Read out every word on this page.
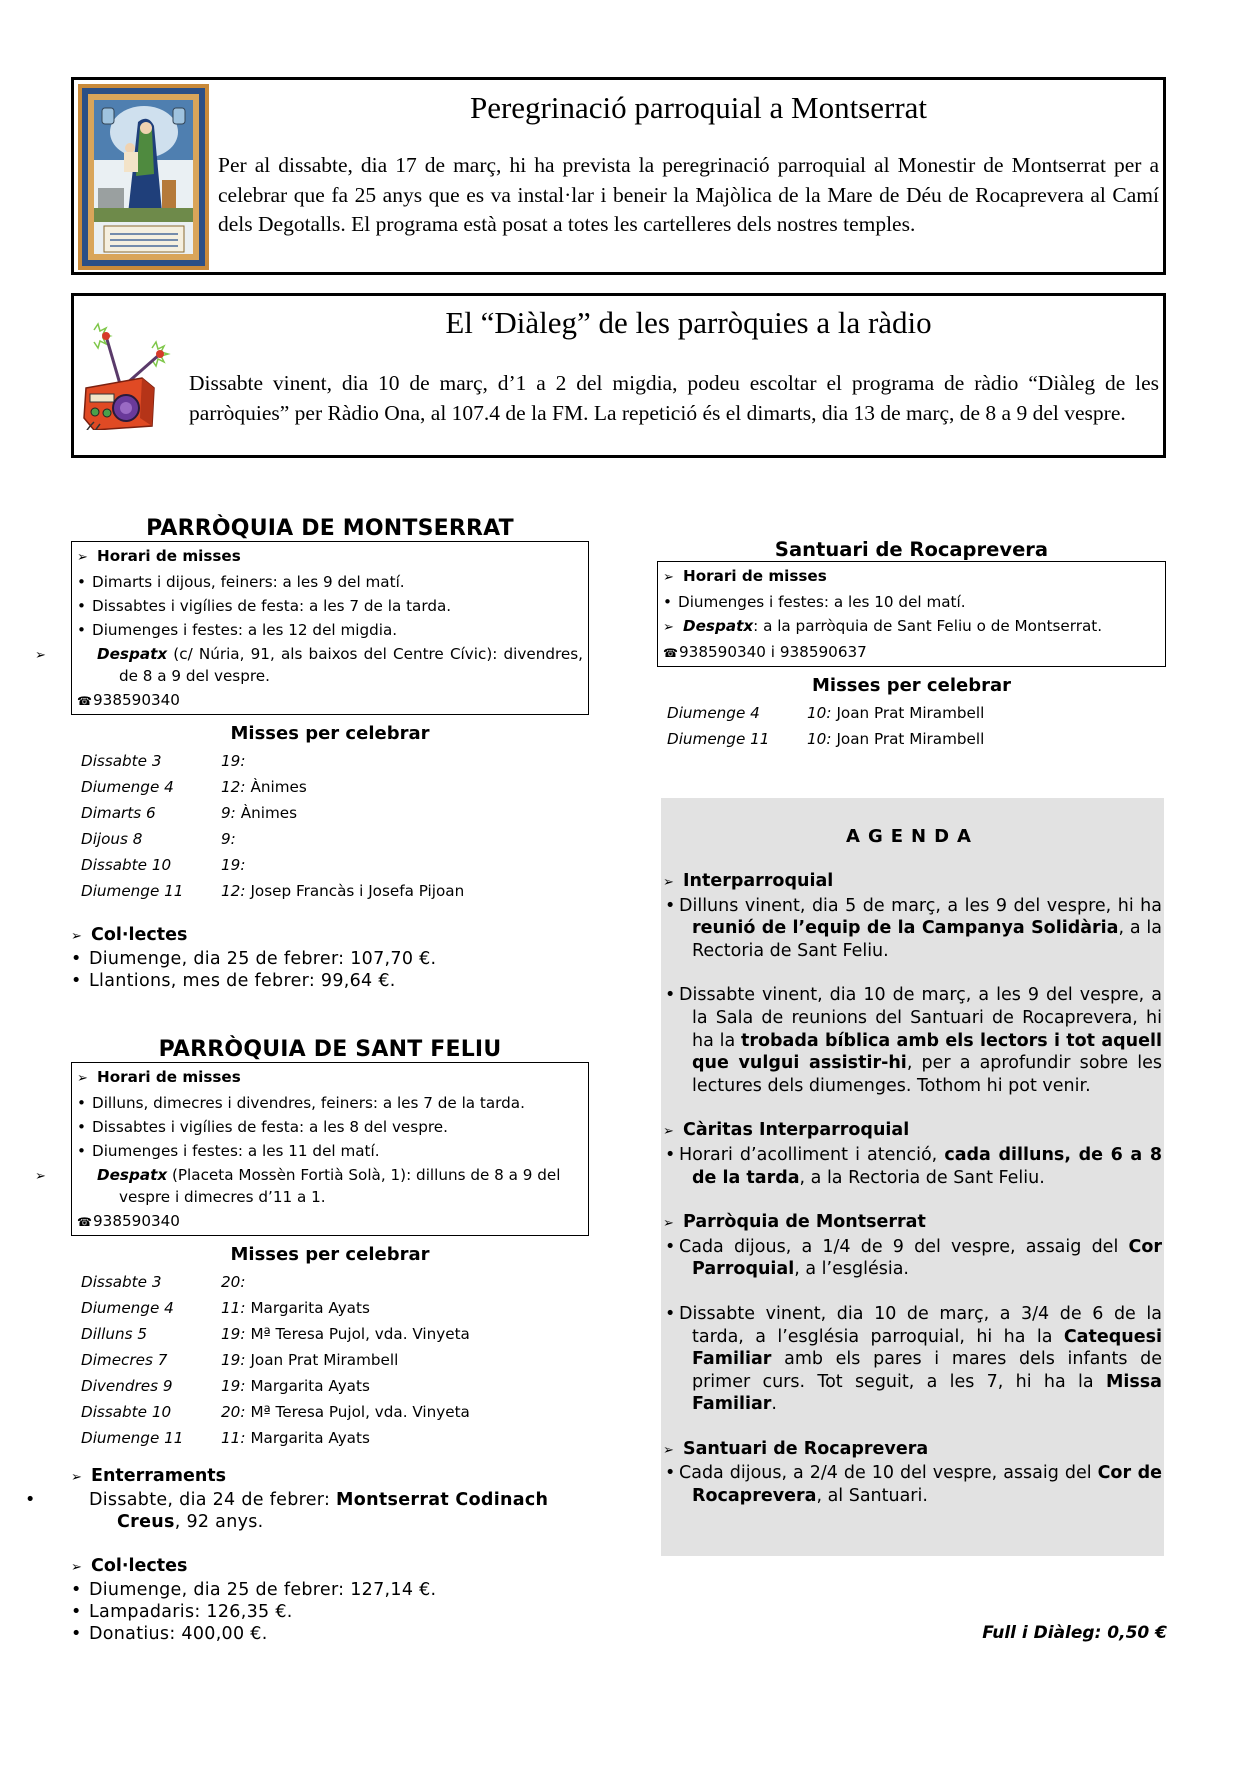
Peregrinació parroquial a Montserrat

Per al dissabte, dia 17 de març, hi ha prevista la peregrinació parroquial al Monestir de Montserrat per a celebrar que fa 25 anys que es va instal·lar i beneir la Majòlica de la Mare de Déu de Rocaprevera al Camí dels Degotalls. El programa està posat a totes les cartelleres dels nostres temples.

El “Diàleg” de les parròquies a la ràdio

Dissabte vinent, dia 10 de març, d’1 a 2 del migdia, podeu escoltar el programa de ràdio “Diàleg de les parròquies” per Ràdio Ona, al 107.4 de la FM. La repetició és el dimarts, dia 13 de març, de 8 a 9 del vespre.

PARRÒQUIA DE MONTSERRAT
➢ Horari de misses
• Dimarts i dijous, feiners: a les 9 del matí.
• Dissabtes i vigílies de festa: a les 7 de la tarda.
• Diumenges i festes: a les 12 del migdia.
➢	Despatx (c/ Núria, 91, als baixos del Centre Cívic): divendres, de 8 a 9 del vespre.
☎938590340
Misses per celebrar
Dissabte 3	19:
Diumenge 4	12: Ànimes
Dimarts 6	9: Ànimes
Dijous 8	9:
Dissabte 10	19:
Diumenge 11	12: Josep Francàs i Josefa Pijoan
➢ Col·lectes
• Diumenge, dia 25 de febrer: 107,70 €.
• Llantions, mes de febrer: 99,64 €.
PARRÒQUIA DE SANT FELIU
➢ Horari de misses
• Dilluns, dimecres i divendres, feiners: a les 7 de la tarda.
• Dissabtes i vigílies de festa: a les 8 del vespre.
• Diumenges i festes: a les 11 del matí.
➢	Despatx (Placeta Mossèn Fortià Solà, 1): dilluns de 8 a 9 del vespre i dimecres d’11 a 1.
☎938590340
Misses per celebrar
Dissabte 3	20:
Diumenge 4	11: Margarita Ayats
Dilluns 5	19: Mª Teresa Pujol, vda. Vinyeta
Dimecres 7	19: Joan Prat Mirambell
Divendres 9	19: Margarita Ayats
Dissabte 10	20: Mª Teresa Pujol, vda. Vinyeta
Diumenge 11	11: Margarita Ayats
➢ Enterraments
•	Dissabte, dia 24 de febrer: Montserrat Codinach Creus, 92 anys.
➢ Col·lectes
• Diumenge, dia 25 de febrer: 127,14 €.
• Lampadaris: 126,35 €.
• Donatius: 400,00 €.
Santuari de Rocaprevera
➢ Horari de misses
• Diumenges i festes: a les 10 del matí.
➢ Despatx: a la parròquia de Sant Feliu o de Montserrat.
☎938590340 i 938590637
Misses per celebrar
Diumenge 4	10: Joan Prat Mirambell
Diumenge 11	10: Joan Prat Mirambell
AGENDA
➢ Interparroquial
• Dilluns vinent, dia 5 de març, a les 9 del vespre, hi ha reunió de l’equip de la Campanya Solidària, a la Rectoria de Sant Feliu.
• Dissabte vinent, dia 10 de març, a les 9 del vespre, a la Sala de reunions del Santuari de Rocaprevera, hi ha la trobada bíblica amb els lectors i tot aquell que vulgui assistir-hi, per a aprofundir sobre les lectures dels diumenges. Tothom hi pot venir.
➢ Càritas Interparroquial
• Horari d’acolliment i atenció, cada dilluns, de 6 a 8 de la tarda, a la Rectoria de Sant Feliu.
➢ Parròquia de Montserrat
• Cada dijous, a 1/4 de 9 del vespre, assaig del Cor Parroquial, a l’església.
• Dissabte vinent, dia 10 de març, a 3/4 de 6 de la tarda, a l’església parroquial, hi ha la Catequesi Familiar amb els pares i mares dels infants de primer curs. Tot seguit, a les 7, hi ha la Missa Familiar.
➢ Santuari de Rocaprevera
• Cada dijous, a 2/4 de 10 del vespre, assaig del Cor de Rocaprevera, al Santuari.
Full i Diàleg: 0,50 €
